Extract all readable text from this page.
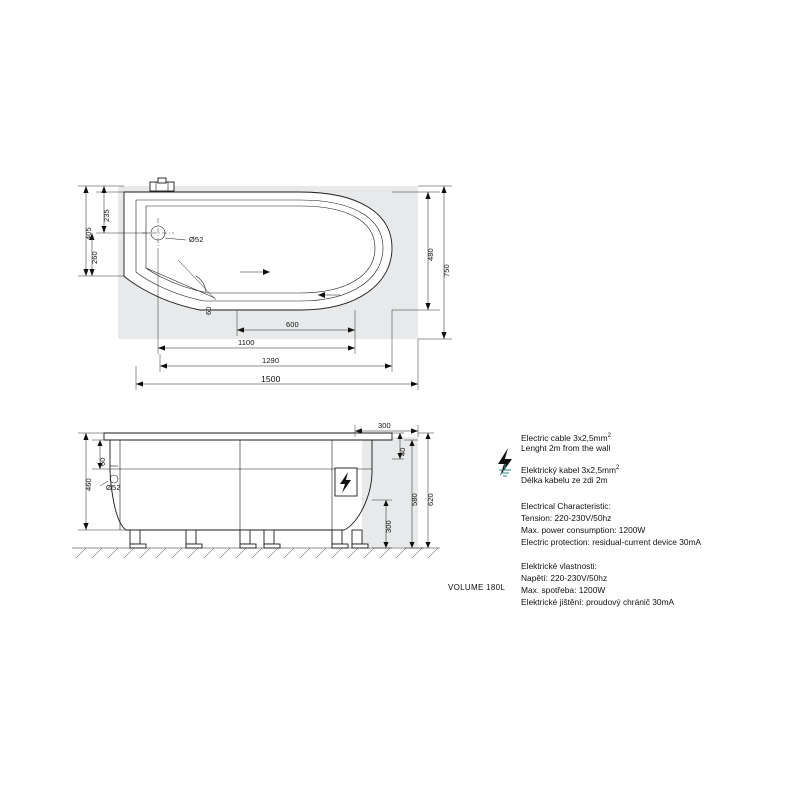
405
235
260	480
750
Ø52
60
600
1100
1290
1500
300
60
460
40
300
580 620
Ø52
VOLUME 180L
Electric cable $3x2,5mm^2$
Lenght 2m from the wall
Elektrický kabel $3x2,5mm^2$
Délka kabelu ze zdi 2m
Electrical Characteristic:
Tension: 220-230V/50hz
Max. power consumption: 1200W
Electric protection: residual-current device 30mA
Elektrické vlastnosti:
Napětí: 220-230V/50hz
Max. spotřeba: 1200W
Elektrické jištění: proudový chránič 30mA
